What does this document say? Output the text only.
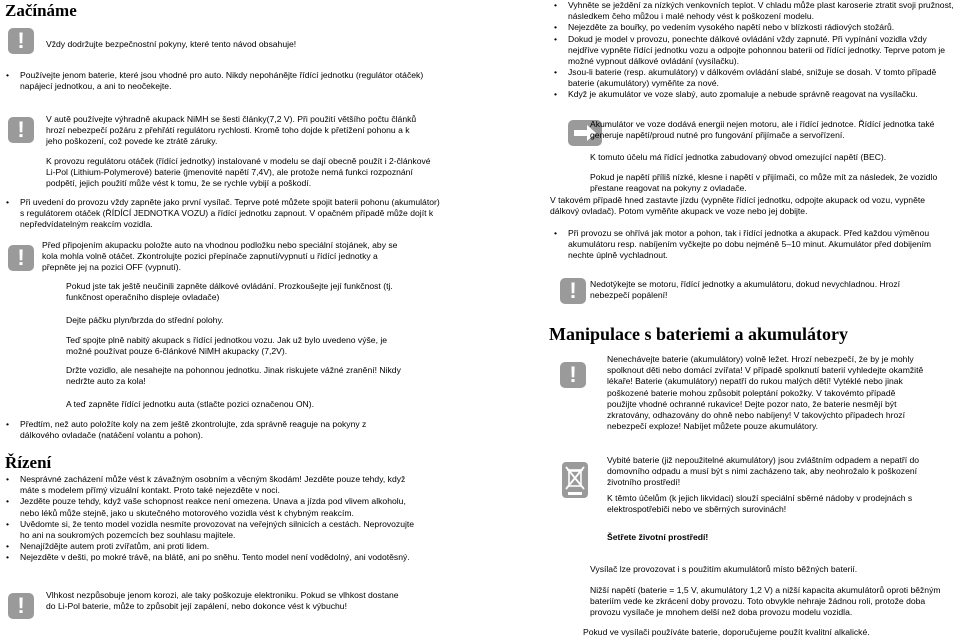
Začínáme
!	Vždy dodržujte bezpečnostní pokyny, které tento návod obsahuje!

• Používejte jenom baterie, které jsou vhodné pro auto. Nikdy nepohánějte řídící jednotku (regulátor otáček) napájecí jednotkou, a ani to neočekejte.
!	V autě používejte výhradně akupack NiMH se šesti články(7,2 V). Při použití většího počtu článků hrozí nebezpečí požáru z přehřátí regulátoru rychlosti. Kromě toho dojde k přetížení pohonu a k jeho poškození, což povede ke ztrátě záruky.

K provozu regulátoru otáček (řídící jednotky) instalované v modelu se dají obecně použít i 2-článkové Li-Pol (Lithium-Polymerové) baterie (jmenovité napětí 7,4V), ale protože nemá funkci rozpoznání podpětí, jejich použití může vést k tomu, že se rychle vybijí a poškodí.

• Při uvedení do provozu vždy zapněte jako první vysílač. Teprve poté můžete spojit baterii pohonu (akumulátor) s regulátorem otáček (ŘÍDÍCÍ JEDNOTKA VOZU) a řídící jednotku zapnout. V opačném případě může dojít k nepředvídatelným reakcím vozidla.
!	Před připojením akupacku položte auto na vhodnou podložku nebo speciální stojánek, aby se kola mohla volně otáčet. Zkontrolujte pozici přepínače zapnutí/vypnutí u řídící jednotky a přepněte jej na pozici OFF (vypnutí).

Pokud jste tak ještě neučinili zapněte dálkové ovládání. Prozkoušejte její funkčnost (tj. funkčnost operačního displeje ovladače)

Dejte páčku plyn/brzda do střední polohy.

Teď spojte plně nabitý akupack s řídící jednotkou vozu. Jak už bylo uvedeno výše, je možné používat pouze 6-článkové NiMH akupacky (7,2V).

Držte vozidlo, ale nesahejte na pohonnou jednotku. Jinak riskujete vážné zranění! Nikdy nedržte auto za kola!

A teď zapněte řídící jednotku auta (stlačte pozici označenou ON).

• Předtím, než auto položíte koly na zem ještě zkontrolujte, zda správně reaguje na pokyny z dálkového ovladače (natáčení volantu a pohon).
Řízení
• Nesprávné zacházení může vést k závažným osobním a věcným škodám! Jezděte pouze tehdy, když máte s modelem přímý vizuální kontakt. Proto také nejezděte v noci.
• Jezděte pouze tehdy, když vaše schopnost reakce není omezena. Unava a jízda pod vlivem alkoholu, nebo léků může stejně, jako u skutečného motorového vozidla vést k chybným reakcím.
• Uvědomte si, že tento model vozidla nesmíte provozovat na veřejných silnicích a cestách. Neprovozujte ho ani na soukromých pozemcích bez souhlasu majitele.
• Nenajíždějte autem proti zvířatům, ani proti lidem.
• Nejezděte v dešti, po mokré trávě, na blátě, ani po sněhu. Tento model není vodědolný, ani vodotěsný.
!	Vlhkost nezpůsobuje jenom korozi, ale taky poškozuje elektroniku. Pokud se vlhkost dostane do Li-Pol baterie, může to způsobit její zapálení, nebo dokonce vést k výbuchu!

• Vyhněte se ježdění za nízkých venkovních teplot. V chladu může plast karoserie ztratit svoji pružnost, následkem čeho můžou i malé nehody vést k poškození modelu.
• Nejezděte za bouřky, po vedením vysokého napětí nebo v blízkosti rádiových stožárů.
• Dokud je model v provozu, ponechte dálkové ovládání vždy zapnuté. Při vypínání vozidla vždy nejdříve vypněte řídící jednotku vozu a odpojte pohonnou baterii od řídící jednotky. Teprve potom je možné vypnout dálkové ovládání (vysílačku).
• Jsou-li baterie (resp. akumulátory) v dálkovém ovládání slabé, snižuje se dosah. V tomto případě baterie (akumulátory) vyměňte za nové.
• Když je akumulátor ve voze slabý, auto zpomaluje a nebude správně reagovat na vysílačku.

Akumulátor ve voze dodává energii nejen motoru, ale i řídící jednotce. Řídící jednotka také generuje napětí/proud nutné pro fungování přijímače a servořízení.

K tomuto účelu má řídící jednotka zabudovaný obvod omezující napětí (BEC).

Pokud je napětí příliš nízké, klesne i napětí v přijímači, co může mít za následek, že vozidlo přestane reagovat na pokyny z ovladače.

V takovém případě hned zastavte jízdu (vypněte řídící jednotku, odpojte akupack od vozu, vypněte dálkový ovladač). Potom vyměňte akupack ve voze nebo jej dobijte.

• Při provozu se ohřívá jak motor a pohon, tak i řídící jednotka a akupack. Před každou výměnou akumulátoru resp. nabíjením vyčkejte po dobu nejméně 5–10 minut. Akumulátor před dobijením nechte úplně vychladnout.
!	Nedotýkejte se motoru, řídící jednotky a akumulátoru, dokud nevychladnou. Hrozí nebezpečí popálení!

Manipulace s bateriemi a akumulátory
!

Nenechávejte baterie (akumulátory) volně ležet. Hrozí nebezpečí, že by je mohly spolknout děti nebo domácí zvířata! V případě spolknutí baterií vyhledejte okamžitě lékaře! Baterie (akumulátory) nepatří do rukou malých dětí! Vytéklé nebo jinak poškozené baterie mohou způsobit poleptání pokožky. V takovémto případě použijte vhodné ochranné rukavice! Dejte pozor nato, že baterie nesmějí být zkratovány, odhazovány do ohně nebo nabíjeny! V takovýchto případech hrozí nebezpečí exploze! Nabíjet můžete pouze akumulátory.

Vybité baterie (již nepoužitelné akumulátory) jsou zvláštním odpadem a nepatří do domovního odpadu a musí být s nimi zacházeno tak, aby neohrožalo k poškození životního prostředí!

K těmto účelům (k jejich likvidaci) slouží speciální sběrné nádoby v prodejnách s elektrospotřebiči nebo ve sběrných surovinách!

Šetřete životní prostředí!

Vysílač lze provozovat i s použitím akumulátorů místo běžných baterií.

Nižší napětí (baterie = 1,5 V, akumulátory 1,2 V) a nižší kapacita akumulátorů oproti běžným bateriím vede ke zkrácení doby provozu. Toto obvykle nehraje žádnou roli, protože doba provozu vysílače je mnohem delší než doba provozu modelu vozidla.

Pokud ve vysílači používáte baterie, doporučujeme použít kvalitní alkalické.
